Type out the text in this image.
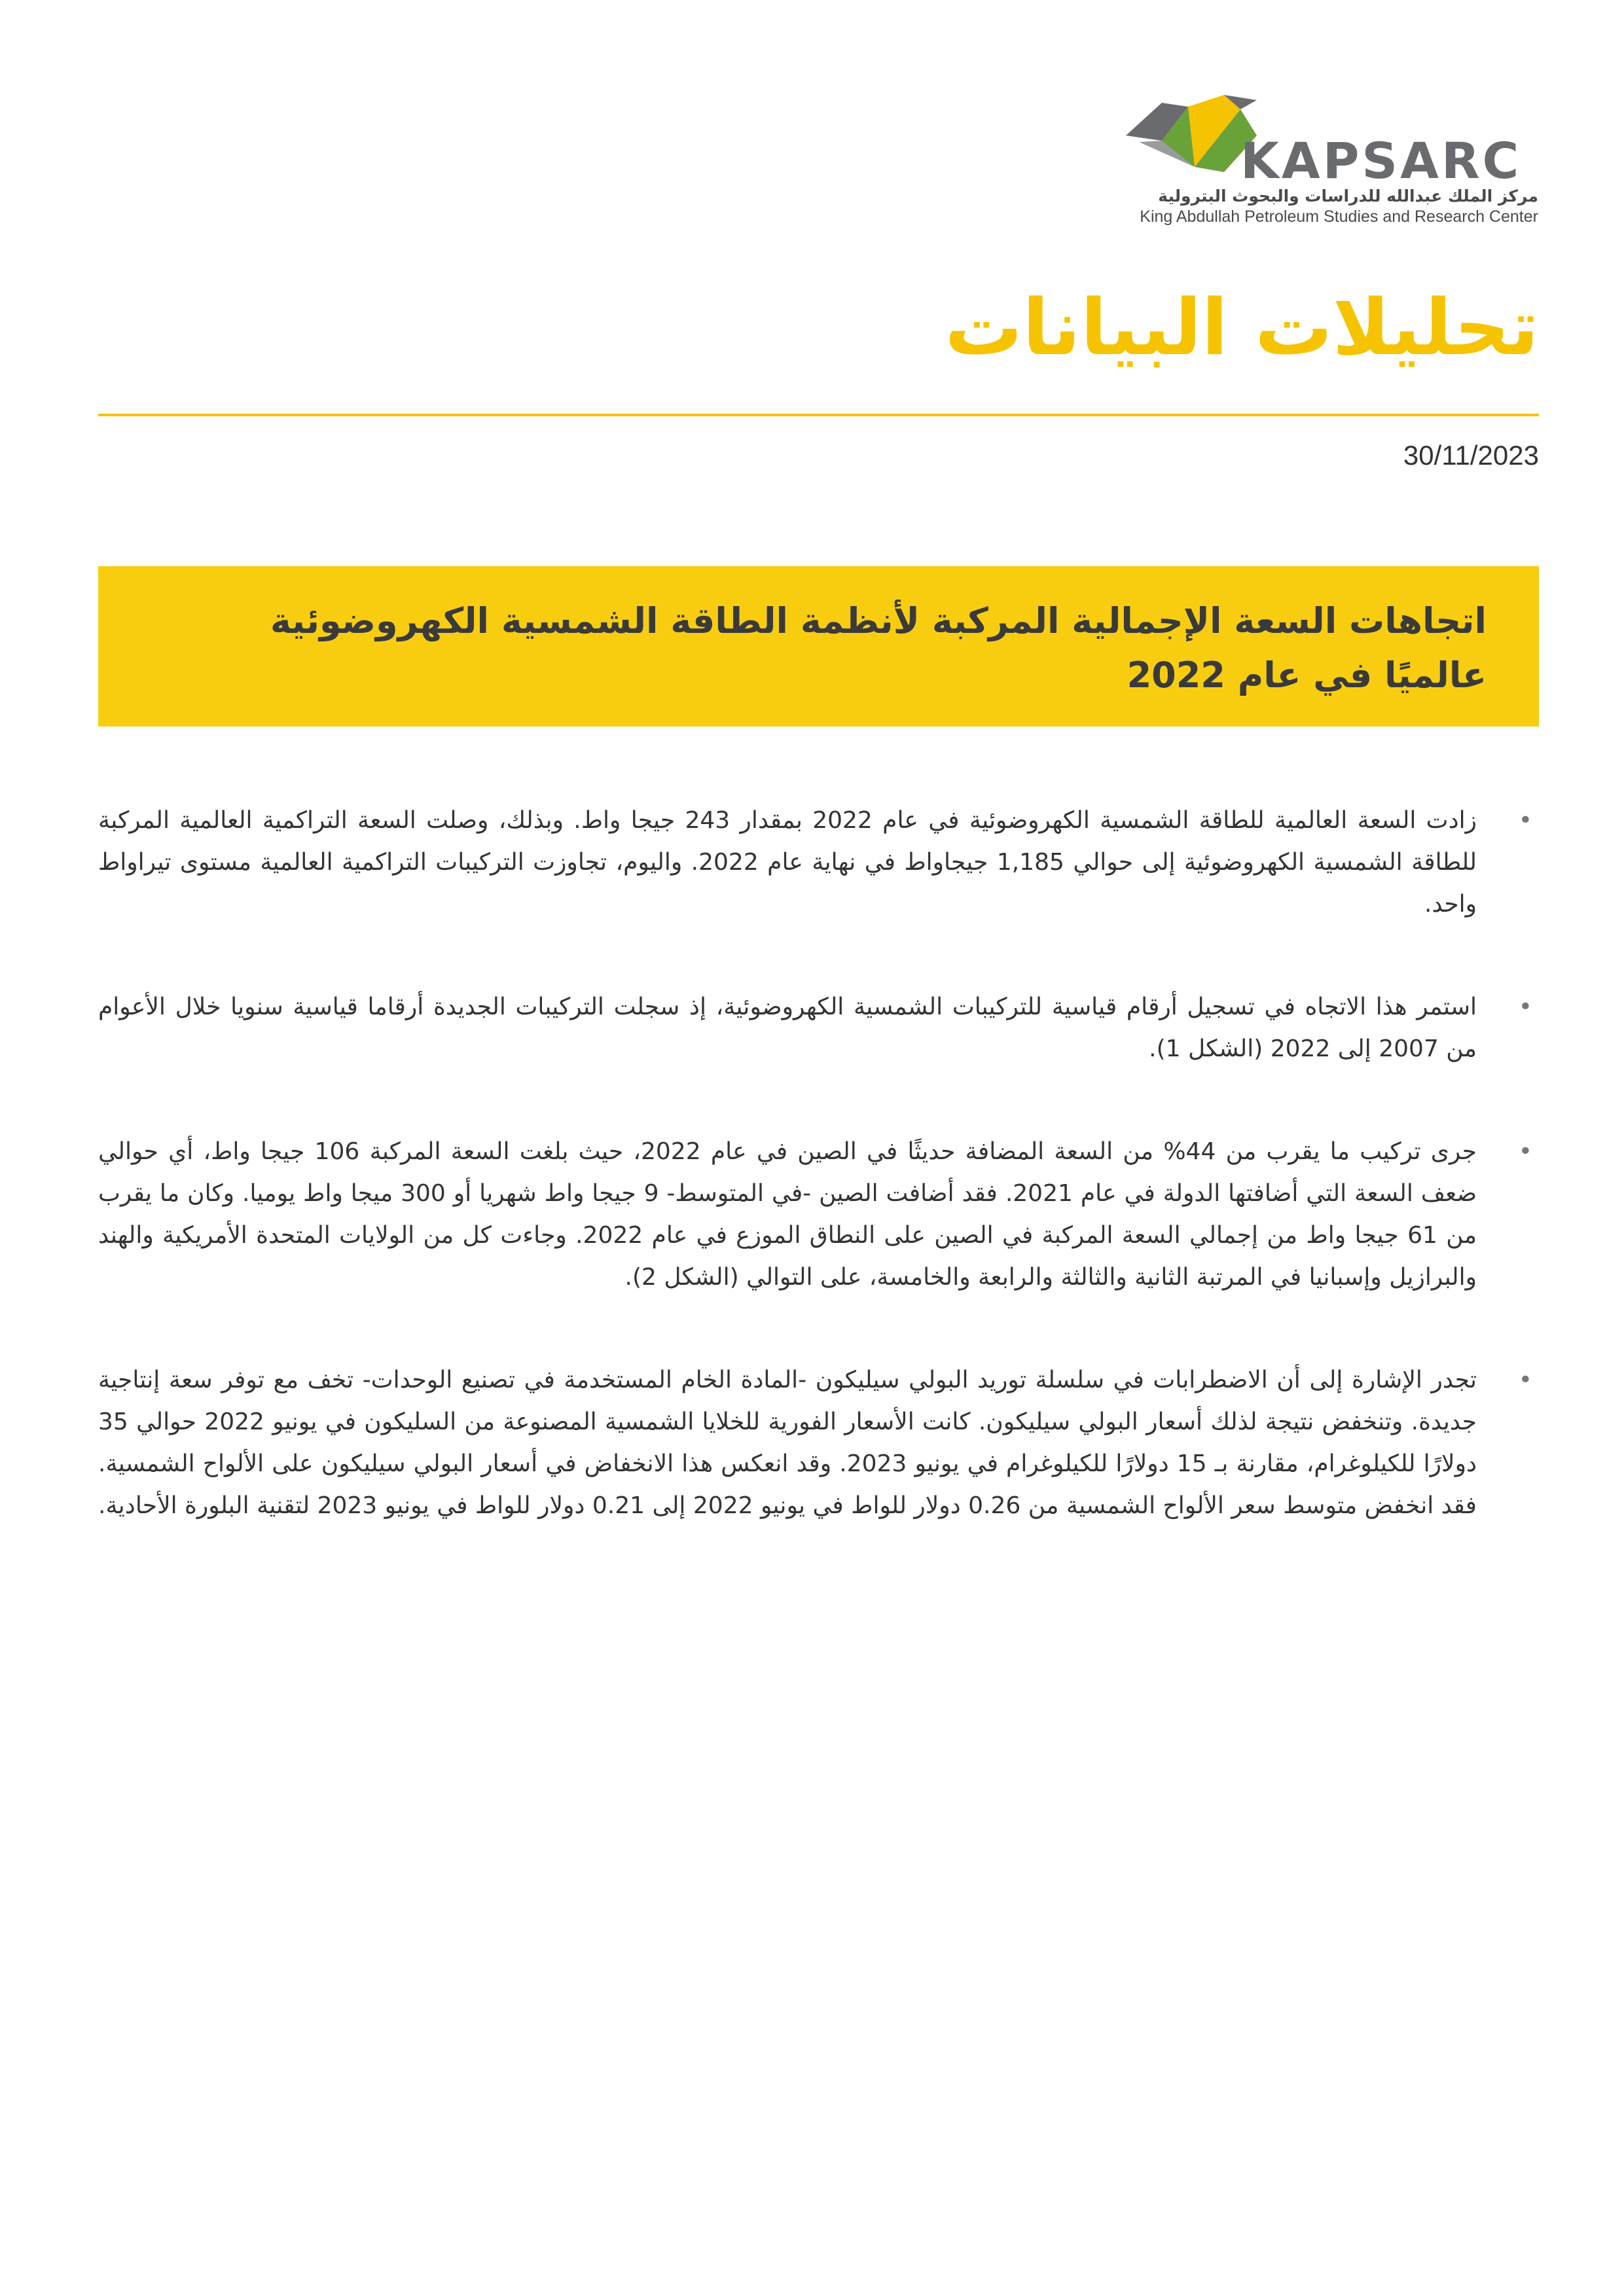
KAPSARC
مركز الملك عبدالله للدراسات والبحوث البترولية
King Abdullah Petroleum Studies and Research Center
تحليلات البيانات
30/11/2023
اتجاهات السعة الإجمالية المركبة لأنظمة الطاقة الشمسية الكهروضوئية عالميًا في عام 2022
•
زادت السعة العالمية للطاقة الشمسية الكهروضوئية في عام 2022 بمقدار 243 جيجا واط. وبذلك، وصلت السعة التراكمية العالمية المركبة للطاقة الشمسية الكهروضوئية إلى حوالي 1,185 جيجاواط في نهاية عام 2022. واليوم، تجاوزت التركيبات التراكمية العالمية مستوى تيراواط واحد.
•
استمر هذا الاتجاه في تسجيل أرقام قياسية للتركيبات الشمسية الكهروضوئية، إذ سجلت التركيبات الجديدة أرقاما قياسية سنويا خلال الأعوام من 2007 إلى 2022 (الشكل 1).
•
جرى تركيب ما يقرب من 44% من السعة المضافة حديثًا في الصين في عام 2022، حيث بلغت السعة المركبة 106 جيجا واط، أي حوالي ضعف السعة التي أضافتها الدولة في عام 2021. فقد أضافت الصين -في المتوسط- 9 جيجا واط شهريا أو 300 ميجا واط يوميا. وكان ما يقرب من 61 جيجا واط من إجمالي السعة المركبة في الصين على النطاق الموزع في عام 2022. وجاءت كل من الولايات المتحدة الأمريكية والهند والبرازيل وإسبانيا في المرتبة الثانية والثالثة والرابعة والخامسة، على التوالي (الشكل 2).
•
تجدر الإشارة إلى أن الاضطرابات في سلسلة توريد البولي سيليكون -المادة الخام المستخدمة في تصنيع الوحدات- تخف مع توفر سعة إنتاجية جديدة. وتنخفض نتيجة لذلك أسعار البولي سيليكون. كانت الأسعار الفورية للخلايا الشمسية المصنوعة من السليكون في يونيو 2022 حوالي 35 دولارًا للكيلوغرام، مقارنة بـ 15 دولارًا للكيلوغرام في يونيو 2023. وقد انعكس هذا الانخفاض في أسعار البولي سيليكون على الألواح الشمسية. فقد انخفض متوسط سعر الألواح الشمسية من 0.26 دولار للواط في يونيو 2022 إلى 0.21 دولار للواط في يونيو 2023 لتقنية البلورة الأحادية.
